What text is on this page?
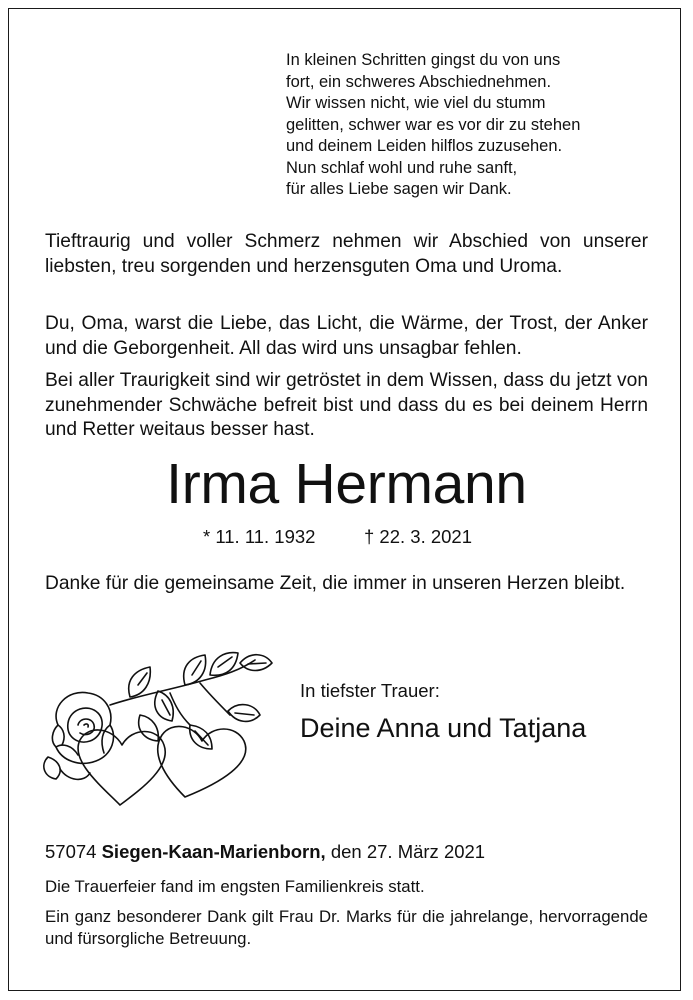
In kleinen Schritten gingst du von uns
fort, ein schweres Abschiednehmen.
Wir wissen nicht, wie viel du stumm
gelitten, schwer war es vor dir zu stehen
und deinem Leiden hilflos zuzusehen.
Nun schlaf wohl und ruhe sanft,
für alles Liebe sagen wir Dank.
Tieftraurig und voller Schmerz nehmen wir Abschied von unserer liebsten, treu sorgenden und herzensguten Oma und Uroma.
Du, Oma, warst die Liebe, das Licht, die Wärme, der Trost, der Anker und die Geborgenheit. All das wird uns unsagbar fehlen.
Bei aller Traurigkeit sind wir getröstet in dem Wissen, dass du jetzt von zunehmender Schwäche befreit bist und dass du es bei deinem Herrn und Retter weitaus besser hast.
Irma Hermann
* 11. 11. 1932	† 22. 3. 2021
Danke für die gemeinsame Zeit, die immer in unseren Herzen bleibt.
In tiefster Trauer:
Deine Anna und Tatjana
57074 Siegen-Kaan-Marienborn, den 27. März 2021
Die Trauerfeier fand im engsten Familienkreis statt.
Ein ganz besonderer Dank gilt Frau Dr. Marks für die jahrelange, hervorragende und fürsorgliche Betreuung.
